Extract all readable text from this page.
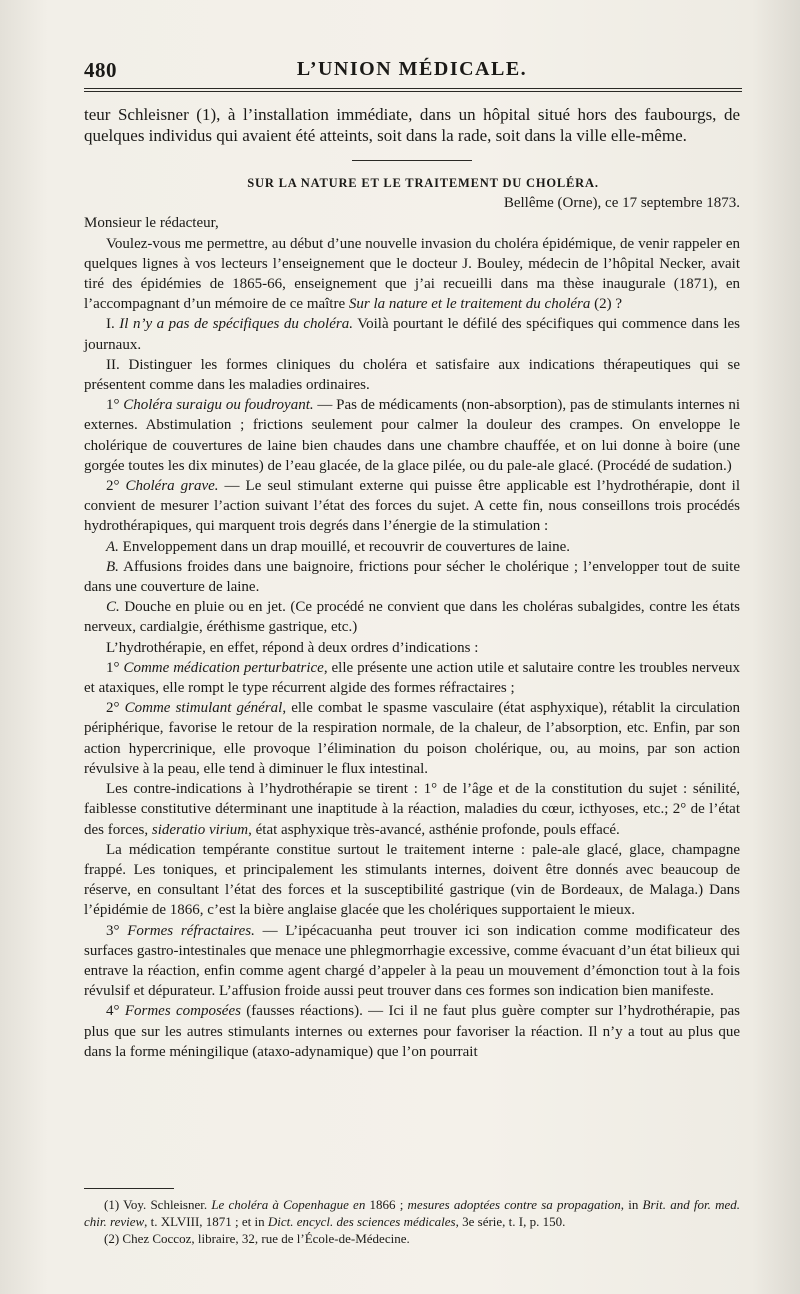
480	L’UNION MÉDICALE.

teur Schleisner (1), à l’installation immédiate, dans un hôpital situé hors des faubourgs, de quelques individus qui avaient été atteints, soit dans la rade, soit dans la ville elle-même.

SUR LA NATURE ET LE TRAITEMENT DU CHOLÉRA.

Bellême (Orne), ce 17 septembre 1873.

Monsieur le rédacteur,

Voulez-vous me permettre, au début d’une nouvelle invasion du choléra épidémique, de venir rappeler en quelques lignes à vos lecteurs l’enseignement que le docteur J. Bouley, médecin de l’hôpital Necker, avait tiré des épidémies de 1865-66, enseignement que j’ai recueilli dans ma thèse inaugurale (1871), en l’accompagnant d’un mémoire de ce maître Sur la nature et le traitement du choléra (2) ?

I. Il n’y a pas de spécifiques du choléra. Voilà pourtant le défilé des spécifiques qui commence dans les journaux.

II. Distinguer les formes cliniques du choléra et satisfaire aux indications thérapeutiques qui se présentent comme dans les maladies ordinaires.

1° Choléra suraigu ou foudroyant. — Pas de médicaments (non-absorption), pas de stimulants internes ni externes. Abstimulation ; frictions seulement pour calmer la douleur des crampes. On enveloppe le cholérique de couvertures de laine bien chaudes dans une chambre chauffée, et on lui donne à boire (une gorgée toutes les dix minutes) de l’eau glacée, de la glace pilée, ou du pale-ale glacé. (Procédé de sudation.)

2° Choléra grave. — Le seul stimulant externe qui puisse être applicable est l’hydrothérapie, dont il convient de mesurer l’action suivant l’état des forces du sujet. A cette fin, nous conseillons trois procédés hydrothérapiques, qui marquent trois degrés dans l’énergie de la stimulation :

A. Enveloppement dans un drap mouillé, et recouvrir de couvertures de laine.

B. Affusions froides dans une baignoire, frictions pour sécher le cholérique ; l’envelopper tout de suite dans une couverture de laine.

C. Douche en pluie ou en jet. (Ce procédé ne convient que dans les choléras subalgides, contre les états nerveux, cardialgie, éréthisme gastrique, etc.)

L’hydrothérapie, en effet, répond à deux ordres d’indications :

1° Comme médication perturbatrice, elle présente une action utile et salutaire contre les troubles nerveux et ataxiques, elle rompt le type récurrent algide des formes réfractaires ;

2° Comme stimulant général, elle combat le spasme vasculaire (état asphyxique), rétablit la circulation périphérique, favorise le retour de la respiration normale, de la chaleur, de l’absorption, etc. Enfin, par son action hypercrinique, elle provoque l’élimination du poison cholérique, ou, au moins, par son action révulsive à la peau, elle tend à diminuer le flux intestinal.

Les contre-indications à l’hydrothérapie se tirent : 1° de l’âge et de la constitution du sujet : sénilité, faiblesse constitutive déterminant une inaptitude à la réaction, maladies du cœur, icthyoses, etc.; 2° de l’état des forces, sideratio virium, état asphyxique très-avancé, asthénie profonde, pouls effacé.

La médication tempérante constitue surtout le traitement interne : pale-ale glacé, glace, champagne frappé. Les toniques, et principalement les stimulants internes, doivent être donnés avec beaucoup de réserve, en consultant l’état des forces et la susceptibilité gastrique (vin de Bordeaux, de Malaga.) Dans l’épidémie de 1866, c’est la bière anglaise glacée que les cholériques supportaient le mieux.

3° Formes réfractaires. — L’ipécacuanha peut trouver ici son indication comme modificateur des surfaces gastro-intestinales que menace une phlegmorrhagie excessive, comme évacuant d’un état bilieux qui entrave la réaction, enfin comme agent chargé d’appeler à la peau un mouvement d’émonction tout à la fois révulsif et dépurateur. L’affusion froide aussi peut trouver dans ces formes son indication bien manifeste.

4° Formes composées (fausses réactions). — Ici il ne faut plus guère compter sur l’hydrothérapie, pas plus que sur les autres stimulants internes ou externes pour favoriser la réaction. Il n’y a tout au plus que dans la forme méningilique (ataxo-adynamique) que l’on pourrait

(1) Voy. Schleisner. Le choléra à Copenhague en 1866 ; mesures adoptées contre sa propagation, in Brit. and for. med. chir. review, t. XLVIII, 1871 ; et in Dict. encycl. des sciences médicales, 3e série, t. I, p. 150.

(2) Chez Coccoz, libraire, 32, rue de l’École-de-Médecine.
